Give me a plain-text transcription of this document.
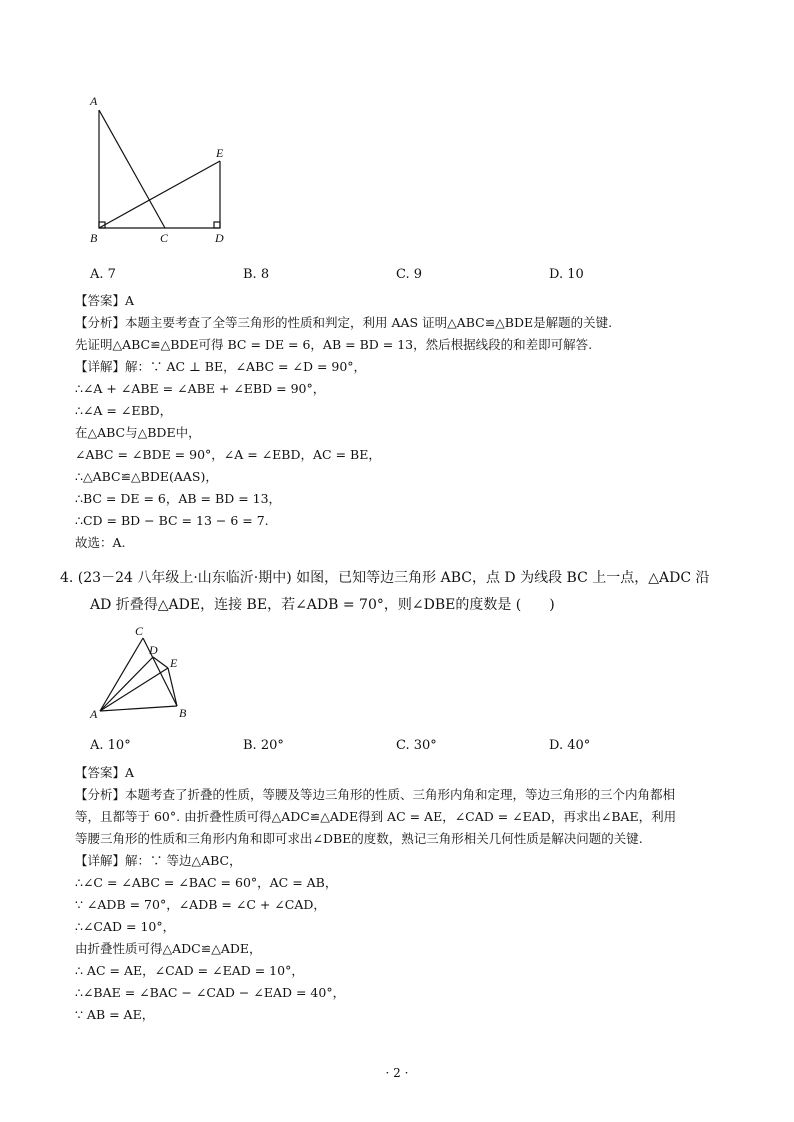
A
B	C	D
E
A. 7	B. 8	C. 9	D. 10
【答案】A
【分析】本题主要考查了全等三角形的性质和判定，利用 AAS 证明△ABC≌△BDE是解题的关键.
先证明△ABC≌△BDE可得 BC = DE = 6，AB = BD = 13，然后根据线段的和差即可解答.
【详解】解：∵ AC ⊥ BE，∠ABC = ∠D = 90°，
∴∠A + ∠ABE = ∠ABE + ∠EBD = 90°，
∴∠A = ∠EBD，
在△ABC与△BDE中，
∠ABC = ∠BDE = 90°，∠A = ∠EBD，AC = BE，
∴△ABC≌△BDE(AAS)，
∴BC = DE = 6，AB = BD = 13，
∴CD = BD − BC = 13 − 6 = 7.
故选：A.
4. (23－24 八年级上·山东临沂·期中) 如图，已知等边三角形 ABC，点 D 为线段 BC 上一点，△ADC 沿
AD 折叠得△ADE，连接 BE，若∠ADB = 70°，则∠DBE的度数是 (　　)
C
D
E
A	B
A. 10°	B. 20°	C. 30°	D. 40°
【答案】A
【分析】本题考查了折叠的性质，等腰及等边三角形的性质、三角形内角和定理，等边三角形的三个内角都相
等，且都等于 60°. 由折叠性质可得△ADC≌△ADE得到 AC = AE，∠CAD = ∠EAD，再求出∠BAE，利用
等腰三角形的性质和三角形内角和即可求出∠DBE的度数，熟记三角形相关几何性质是解决问题的关键.
【详解】解：∵ 等边△ABC，
∴∠C = ∠ABC = ∠BAC = 60°，AC = AB，
∵ ∠ADB = 70°，∠ADB = ∠C + ∠CAD，
∴∠CAD = 10°，
由折叠性质可得△ADC≌△ADE，
∴ AC = AE，∠CAD = ∠EAD = 10°，
∴∠BAE = ∠BAC − ∠CAD − ∠EAD = 40°，
∵ AB = AE，
· 2 ·
